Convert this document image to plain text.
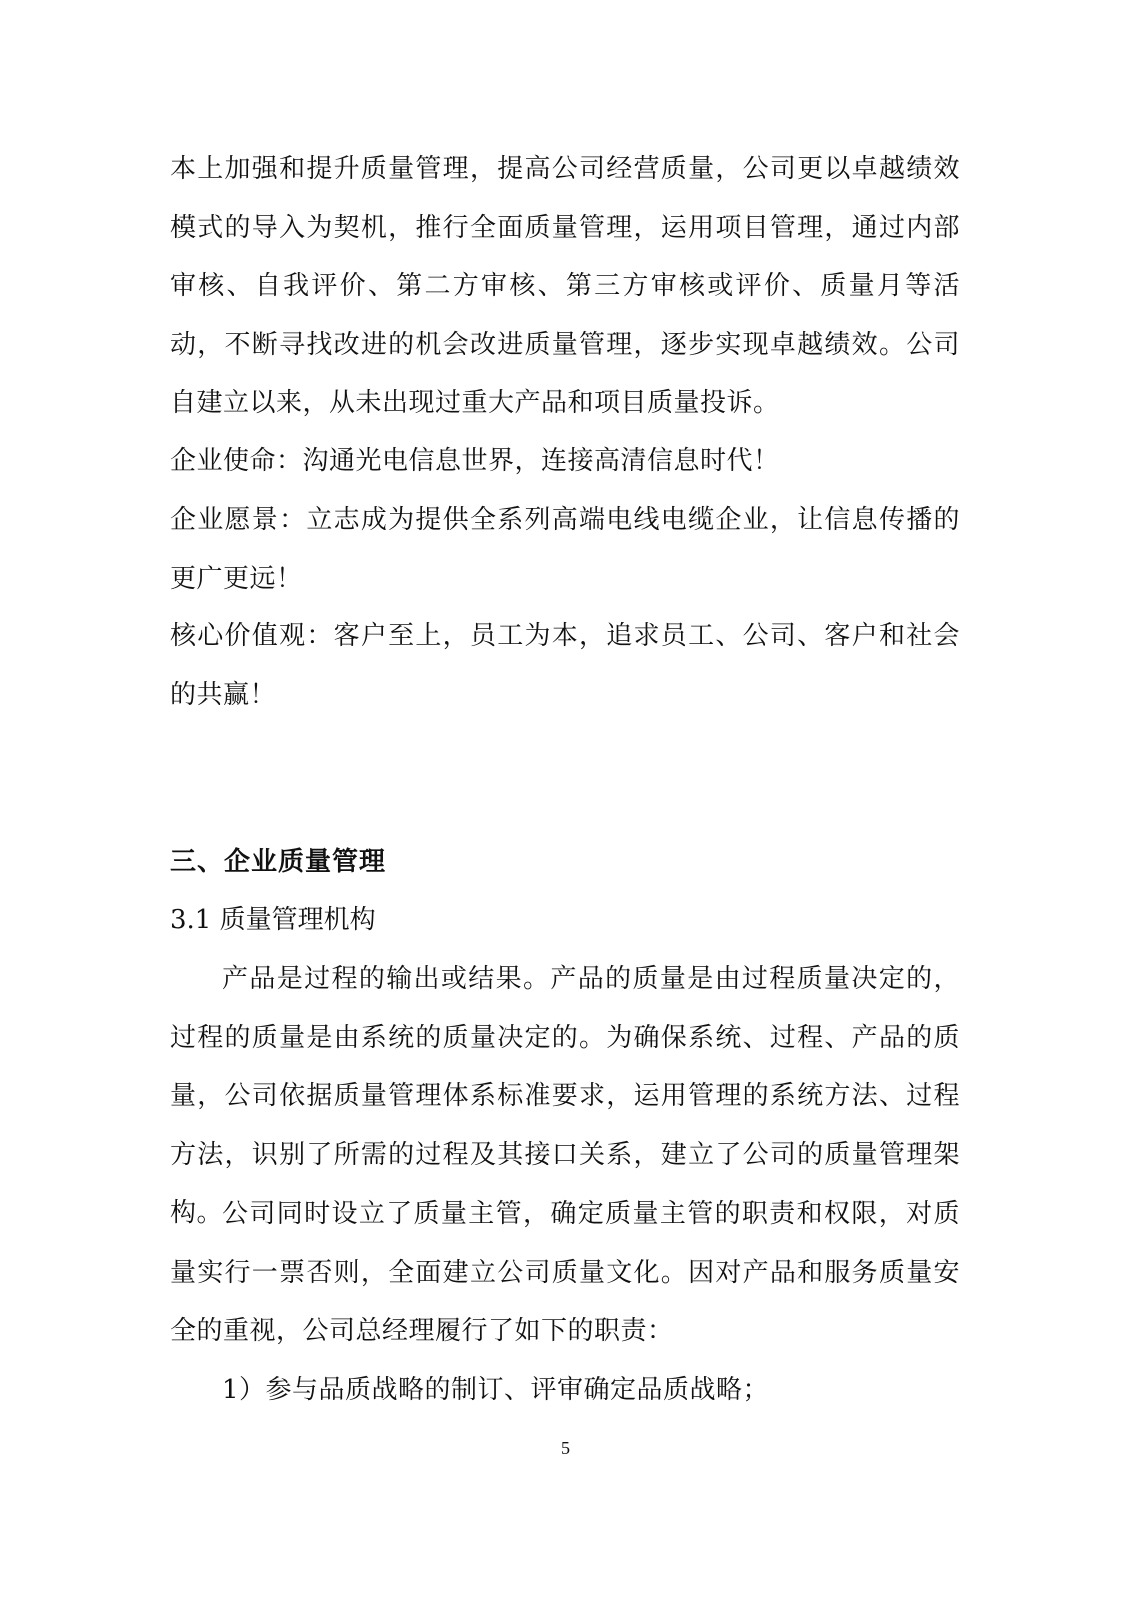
本上加强和提升质量管理，提高公司经营质量，公司更以卓越绩效模式的导入为契机，推行全面质量管理，运用项目管理，通过内部审核、自我评价、第二方审核、第三方审核或评价、质量月等活动，不断寻找改进的机会改进质量管理，逐步实现卓越绩效。公司自建立以来，从未出现过重大产品和项目质量投诉。

企业使命：沟通光电信息世界，连接高清信息时代！

企业愿景：立志成为提供全系列高端电线电缆企业，让信息传播的更广更远！

核心价值观：客户至上，员工为本，追求员工、公司、客户和社会的共赢！

三、企业质量管理
3.1 质量管理机构

产品是过程的输出或结果。产品的质量是由过程质量决定的，过程的质量是由系统的质量决定的。为确保系统、过程、产品的质量，公司依据质量管理体系标准要求，运用管理的系统方法、过程方法，识别了所需的过程及其接口关系，建立了公司的质量管理架构。

公司同时设立了质量主管，确定质量主管的职责和权限，对质量实行一票否则，全面建立公司质量文化。因对产品和服务质量安全的重视，公司总经理履行了如下的职责：

1）参与品质战略的制订、评审确定品质战略；

5
